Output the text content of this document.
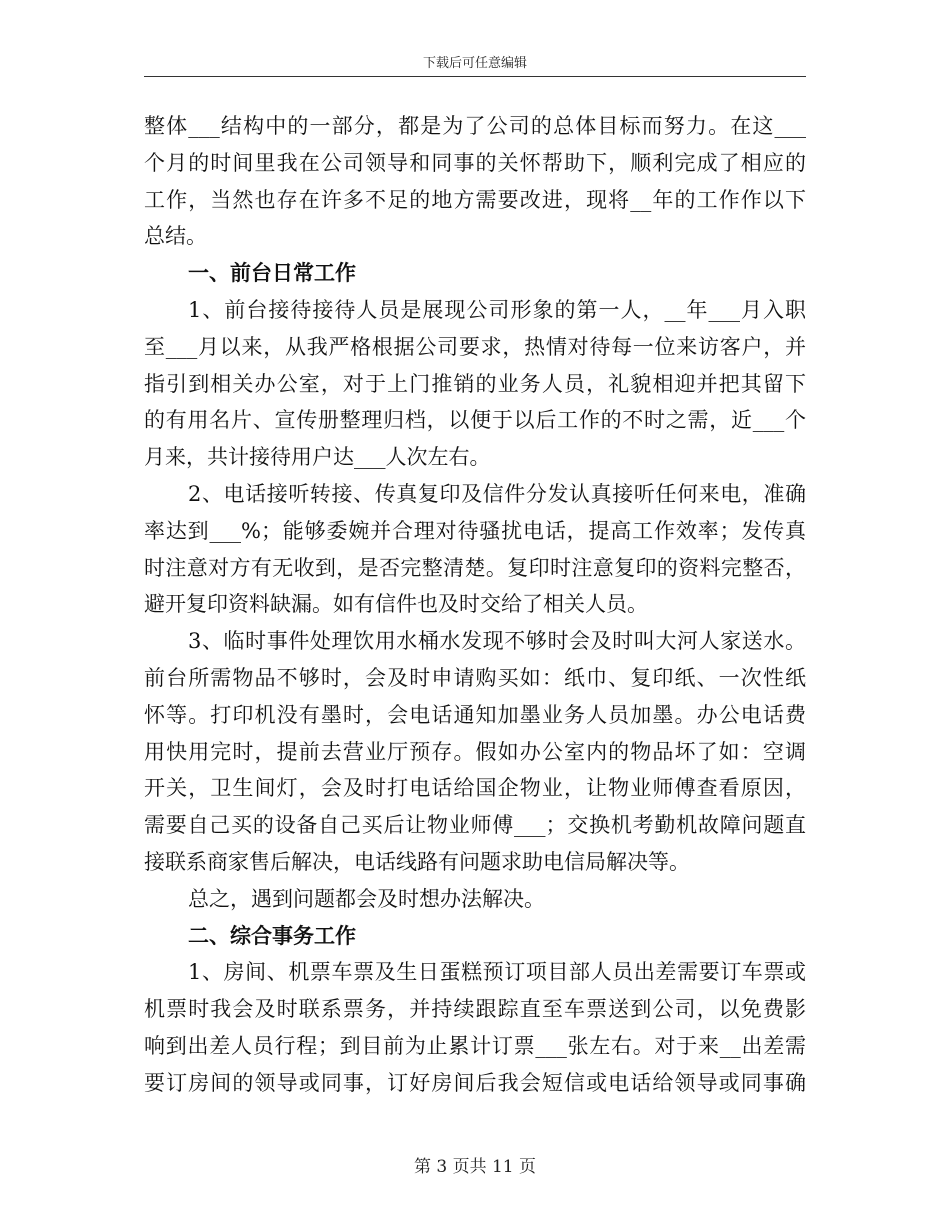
下载后可任意编辑
整体___结构中的一部分，都是为了公司的总体目标而努力。在这___
个月的时间里我在公司领导和同事的关怀帮助下，顺利完成了相应的
工作，当然也存在许多不足的地方需要改进，现将__年的工作作以下
总结。
一、前台日常工作
1、前台接待接待人员是展现公司形象的第一人，__年___月入职
至___月以来，从我严格根据公司要求，热情对待每一位来访客户，并
指引到相关办公室，对于上门推销的业务人员，礼貌相迎并把其留下
的有用名片、宣传册整理归档，以便于以后工作的不时之需，近___个
月来，共计接待用户达___人次左右。
2、电话接听转接、传真复印及信件分发认真接听任何来电，准确
率达到___%；能够委婉并合理对待骚扰电话，提高工作效率；发传真
时注意对方有无收到，是否完整清楚。复印时注意复印的资料完整否，
避开复印资料缺漏。如有信件也及时交给了相关人员。
3、临时事件处理饮用水桶水发现不够时会及时叫大河人家送水。
前台所需物品不够时，会及时申请购买如：纸巾、复印纸、一次性纸
怀等。打印机没有墨时，会电话通知加墨业务人员加墨。办公电话费
用快用完时，提前去营业厅预存。假如办公室内的物品坏了如：空调
开关，卫生间灯，会及时打电话给国企物业，让物业师傅查看原因，
需要自己买的设备自己买后让物业师傅___；交换机考勤机故障问题直
接联系商家售后解决，电话线路有问题求助电信局解决等。
总之，遇到问题都会及时想办法解决。
二、综合事务工作
1、房间、机票车票及生日蛋糕预订项目部人员出差需要订车票或
机票时我会及时联系票务，并持续跟踪直至车票送到公司，以免费影
响到出差人员行程；到目前为止累计订票___张左右。对于来__出差需
要订房间的领导或同事，订好房间后我会短信或电话给领导或同事确
第 3 页共 11 页
